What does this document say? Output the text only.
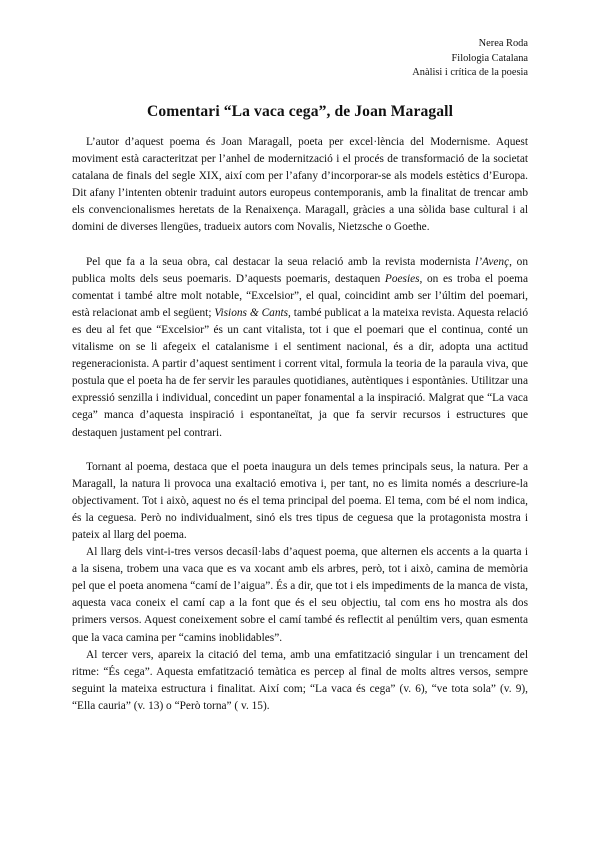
Nerea Roda
Filologia Catalana
Anàlisi i crítica de la poesia
Comentari “La vaca cega”, de Joan Maragall

L’autor d’aquest poema és Joan Maragall, poeta per excel·lència del Modernisme. Aquest moviment està caracteritzat per l’anhel de modernització i el procés de transformació de la societat catalana de finals del segle XIX, així com per l’afany d’incorporar-se als models estètics d’Europa. Dit afany l’intenten obtenir traduint autors europeus contemporanis, amb la finalitat de trencar amb els convencionalismes heretats de la Renaixença. Maragall, gràcies a una sòlida base cultural i al domini de diverses llengües, tradueix autors com Novalis, Nietzsche o Goethe.

Pel que fa a la seua obra, cal destacar la seua relació amb la revista modernista l’Avenç, on publica molts dels seus poemaris. D’aquests poemaris, destaquen Poesies, on es troba el poema comentat i també altre molt notable, “Excelsior”, el qual, coincidint amb ser l’últim del poemari, està relacionat amb el següent; Visions & Cants, també publicat a la mateixa revista. Aquesta relació es deu al fet que “Excelsior” és un cant vitalista, tot i que el poemari que el continua, conté un vitalisme on se li afegeix el catalanisme i el sentiment nacional, és a dir, adopta una actitud regeneracionista. A partir d’aquest sentiment i corrent vital, formula la teoria de la paraula viva, que postula que el poeta ha de fer servir les paraules quotidianes, autèntiques i espontànies. Utilitzar una expressió senzilla i individual, concedint un paper fonamental a la inspiració. Malgrat que “La vaca cega” manca d’aquesta inspiració i espontaneïtat, ja que fa servir recursos i estructures que destaquen justament pel contrari.

Tornant al poema, destaca que el poeta inaugura un dels temes principals seus, la natura. Per a Maragall, la natura li provoca una exaltació emotiva i, per tant, no es limita només a descriure-la objectivament. Tot i això, aquest no és el tema principal del poema. El tema, com bé el nom indica, és la ceguesa. Però no individualment, sinó els tres tipus de ceguesa que la protagonista mostra i pateix al llarg del poema.

Al llarg dels vint-i-tres versos decasíl·labs d’aquest poema, que alternen els accents a la quarta i a la sisena, trobem una vaca que es va xocant amb els arbres, però, tot i això, camina de memòria pel que el poeta anomena “camí de l’aigua”. És a dir, que tot i els impediments de la manca de vista, aquesta vaca coneix el camí cap a la font que és el seu objectiu, tal com ens ho mostra als dos primers versos. Aquest coneixement sobre el camí també és reflectit al penúltim vers, quan esmenta que la vaca camina per “camins inoblidables”.

Al tercer vers, apareix la citació del tema, amb una emfatització singular i un trencament del ritme: “És cega”. Aquesta emfatització temàtica es percep al final de molts altres versos, sempre seguint la mateixa estructura i finalitat. Així com; “La vaca és cega” (v. 6), “ve tota sola” (v. 9), “Ella cauria” (v. 13) o “Però torna” ( v. 15).
